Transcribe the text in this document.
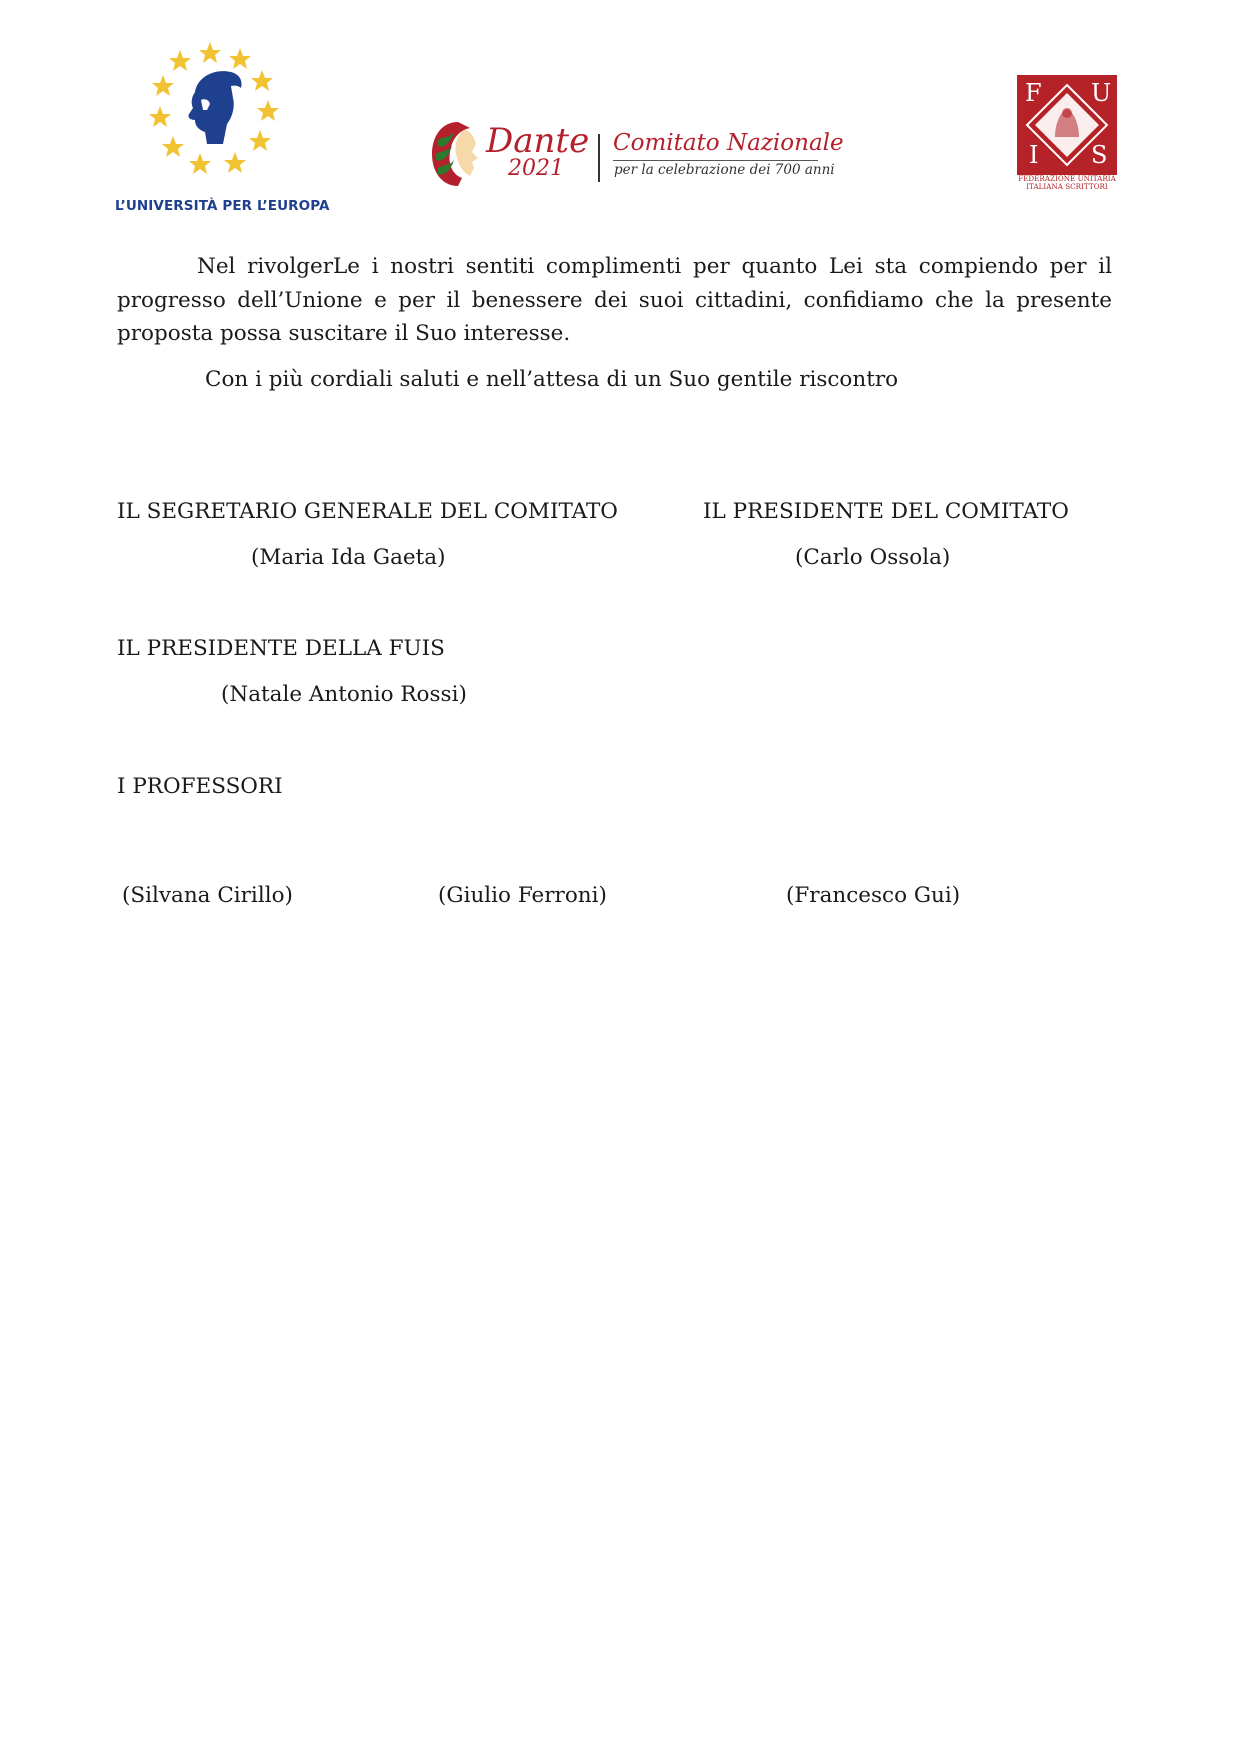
L’UNIVERSITÀ PER L’EUROPA
Dante
2021
Comitato Nazionale
per la celebrazione dei 700 anni
F U
I S
FEDERAZIONE UNITARIA
ITALIANA SCRITTORI

Nel rivolgerLe i nostri sentiti complimenti per quanto Lei sta compiendo per il progresso dell’Unione e per il benessere dei suoi cittadini, confidiamo che la presente proposta possa suscitare il Suo interesse.

Con i più cordiali saluti e nell’attesa di un Suo gentile riscontro

IL SEGRETARIO GENERALE DEL COMITATO
(Maria Ida Gaeta)
IL PRESIDENTE DEL COMITATO
(Carlo Ossola)
IL PRESIDENTE DELLA FUIS
(Natale Antonio Rossi)
I PROFESSORI
(Silvana Cirillo)	(Giulio Ferroni)	(Francesco Gui)
